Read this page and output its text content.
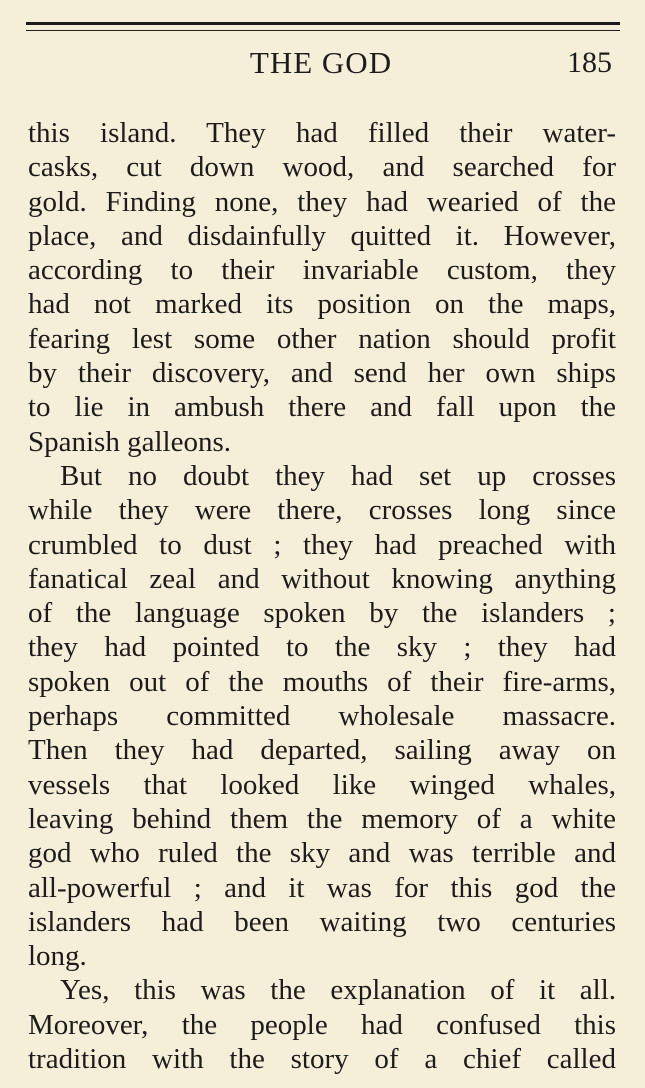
THE GOD	185
this island. They had filled their water-
casks, cut down wood, and searched for
gold. Finding none, they had wearied of the
place, and disdainfully quitted it. However,
according to their invariable custom, they
had not marked its position on the maps,
fearing lest some other nation should profit
by their discovery, and send her own ships
to lie in ambush there and fall upon the
Spanish galleons.
But no doubt they had set up crosses
while they were there, crosses long since
crumbled to dust ; they had preached with
fanatical zeal and without knowing anything
of the language spoken by the islanders ;
they had pointed to the sky ; they had
spoken out of the mouths of their fire-arms,
perhaps committed wholesale massacre.
Then they had departed, sailing away on
vessels that looked like winged whales,
leaving behind them the memory of a white
god who ruled the sky and was terrible and
all-powerful ; and it was for this god the
islanders had been waiting two centuries
long.
Yes, this was the explanation of it all.
Moreover, the people had confused this
tradition with the story of a chief called
